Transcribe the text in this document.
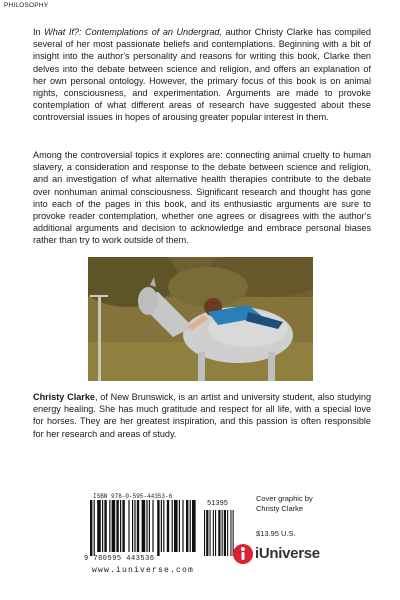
PHILOSOPHY

In What If?: Contemplations of an Undergrad, author Christy Clarke has compiled several of her most passionate beliefs and contemplations. Beginning with a bit of insight into the author's personality and reasons for writing this book, Clarke then delves into the debate between science and religion, and offers an explanation of her own personal ontology. However, the primary focus of this book is on animal rights, consciousness, and experimentation. Arguments are made to provoke contemplation of what different areas of research have suggested about these controversial issues in hopes of arousing greater popular interest in them.

Among the controversial topics it explores are: connecting animal cruelty to human slavery, a consideration and response to the debate between science and religion, and an investigation of what alternative health therapies contribute to the debate over nonhuman animal consciousness. Significant research and thought has gone into each of the pages in this book, and its enthusiastic arguments are sure to provoke reader contemplation, whether one agrees or disagrees with the author's additional arguments and decision to acknowledge and embrace personal biases rather than try to work outside of them.

Christy Clarke, of New Brunswick, is an artist and university student, also studying energy healing. She has much gratitude and respect for all life, with a special love for horses. They are her greatest inspiration, and this passion is often responsible for her research and areas of study.

ISBN 978-0-595-44353-6
51395
9 780595 443536
www.iuniverse.com
Cover graphic by
Christy Clarke
$13.95 U.S.
iUniverse
